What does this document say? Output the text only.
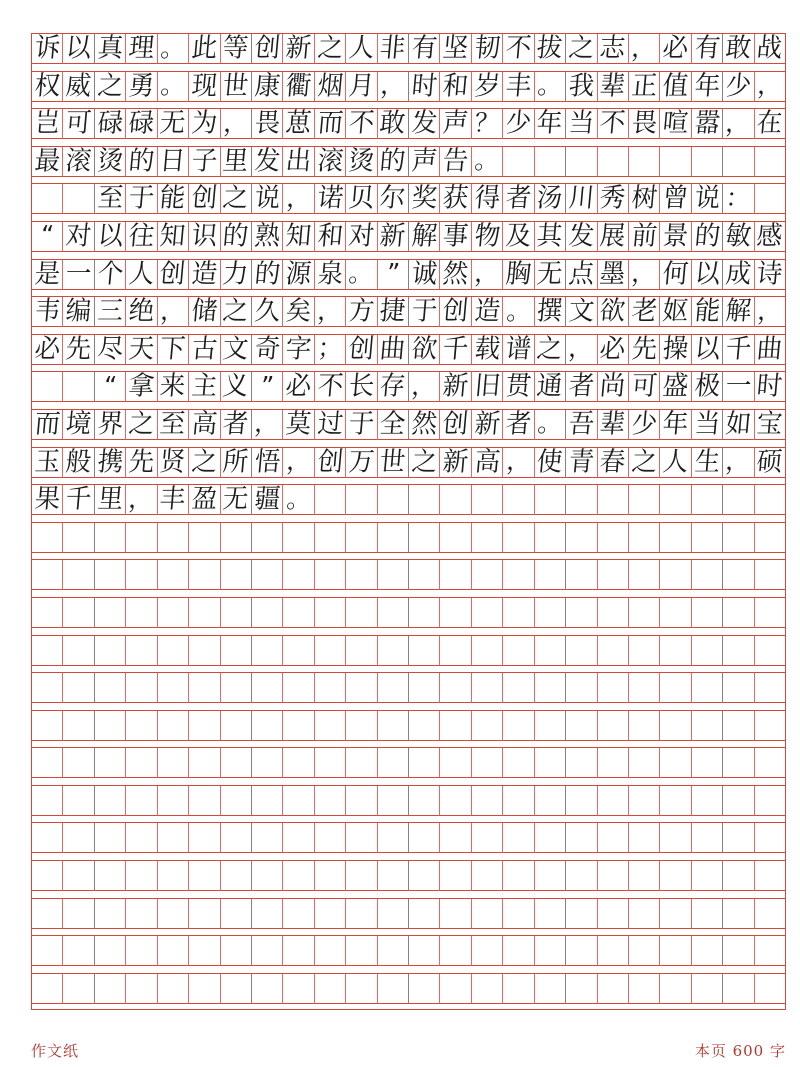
诉 以 真 理 。 此 等 创 新 之 人 非 有 坚 韧 不 拔 之 志 ， 必 有 敢 战
权 威 之 勇 。 现 世 康 衢 烟 月 ， 时 和 岁 丰 。 我 辈 正 值 年 少 ，
岂 可 碌 碌 无 为 ， 畏 葸 而 不 敢 发 声 ？ 少 年 当 不 畏 喧 嚣 ， 在
最 滚 烫 的 日 子 里 发 出 滚 烫 的 声 告 。
至 于 能 创 之 说 ， 诺 贝 尔 奖 获 得 者 汤 川 秀 树 曾 说 ：
“ 对 以 往 知 识 的 熟 知 和 对 新 解 事 物 及 其 发 展 前 景 的 敏 感
是 一 个 人 创 造 力 的 源 泉 。 ” 诚 然 ， 胸 无 点 墨 ， 何 以 成 诗
韦 编 三 绝 ， 储 之 久 矣 ， 方 捷 于 创 造 。 撰 文 欲 老 妪 能 解 ，
必 先 尽 天 下 古 文 奇 字 ； 创 曲 欲 千 载 谱 之 ， 必 先 操 以 千 曲
“ 拿 来 主 义 ” 必 不 长 存 ， 新 旧 贯 通 者 尚 可 盛 极 一 时
而 境 界 之 至 高 者 ， 莫 过 于 全 然 创 新 者 。 吾 辈 少 年 当 如 宝
玉 般 携 先 贤 之 所 悟 ， 创 万 世 之 新 高 ， 使 青 春 之 人 生 ， 硕
果 千 里 ， 丰 盈 无 疆 。
作文纸	本页 600 字
